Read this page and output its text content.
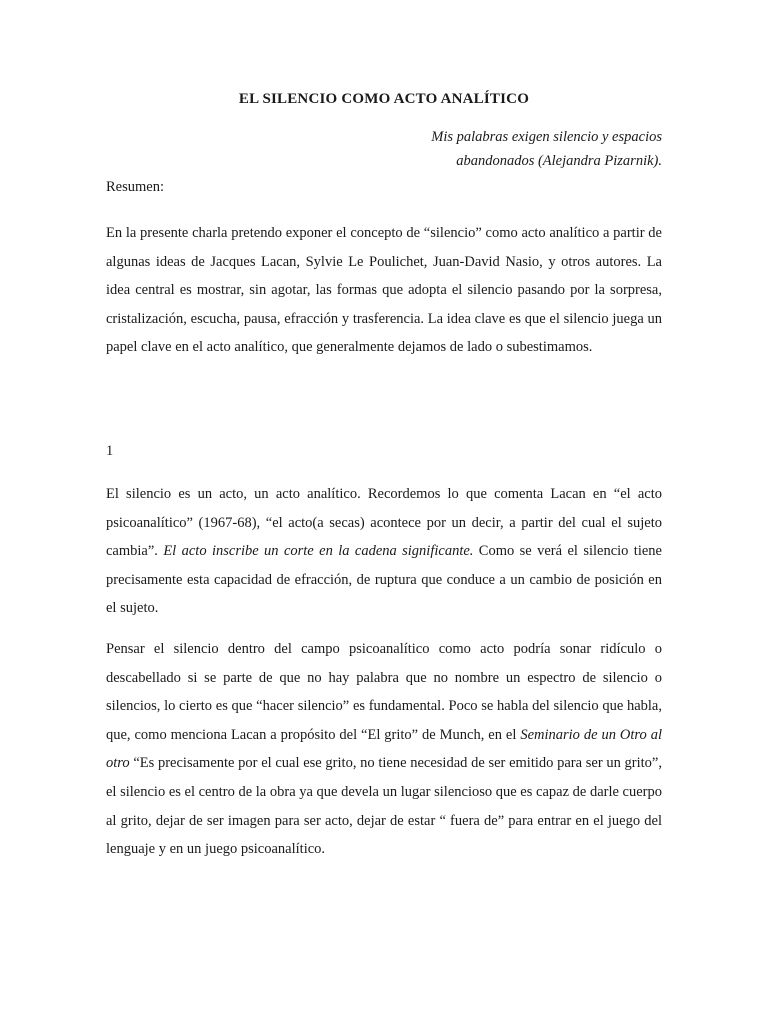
EL SILENCIO COMO ACTO ANALÍTICO

Mis palabras exigen silencio y espacios
abandonados (Alejandra Pizarnik).

Resumen:

En la presente charla pretendo exponer el concepto de “silencio” como acto analítico a partir de algunas ideas de Jacques Lacan, Sylvie Le Poulichet, Juan-David Nasio, y otros autores. La idea central es mostrar, sin agotar, las formas que adopta el silencio pasando por la sorpresa, cristalización, escucha, pausa, efracción y trasferencia. La idea clave es que el silencio juega un papel clave en el acto analítico, que generalmente dejamos de lado o subestimamos.

1

El silencio es un acto, un acto analítico. Recordemos lo que comenta Lacan en “el acto psicoanalítico” (1967-68), “el acto(a secas) acontece por un decir, a partir del cual el sujeto cambia”. El acto inscribe un corte en la cadena significante. Como se verá el silencio tiene precisamente esta capacidad de efracción, de ruptura que conduce a un cambio de posición en el sujeto.

Pensar el silencio dentro del campo psicoanalítico como acto podría sonar ridículo o descabellado si se parte de que no hay palabra que no nombre un espectro de silencio o silencios, lo cierto es que “hacer silencio” es fundamental. Poco se habla del silencio que habla, que, como menciona Lacan a propósito del “El grito” de Munch, en el Seminario de un Otro al otro “Es precisamente por el cual ese grito, no tiene necesidad de ser emitido para ser un grito”, el silencio es el centro de la obra ya que devela un lugar silencioso que es capaz de darle cuerpo al grito, dejar de ser imagen para ser acto, dejar de estar “ fuera de” para entrar en el juego del lenguaje y en un juego psicoanalítico.
